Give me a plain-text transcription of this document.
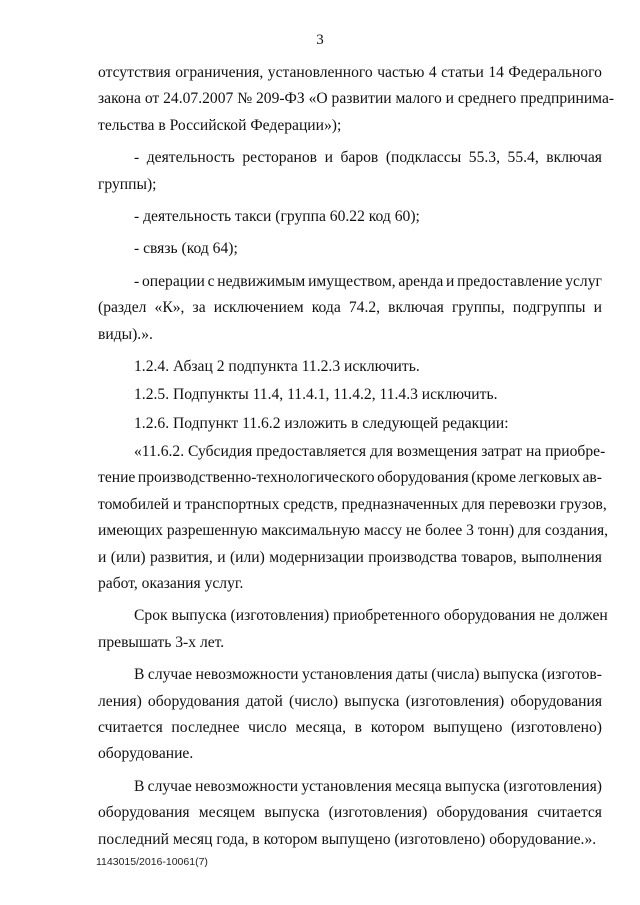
3
отсутствия ограничения, установленного частью 4 статьи 14 Федерального
закона от 24.07.2007 № 209-ФЗ «О развитии малого и среднего предпринима-
тельства в Российской Федерации»);
- деятельность ресторанов и баров (подклассы 55.3, 55.4, включая
группы);
- деятельность такси (группа 60.22 код 60);
- связь (код 64);
- операции с недвижимым имуществом, аренда и предоставление услуг
(раздел «К», за исключением кода 74.2, включая группы, подгруппы и
виды).».
1.2.4. Абзац 2 подпункта 11.2.3 исключить.
1.2.5. Подпункты 11.4, 11.4.1, 11.4.2, 11.4.3 исключить.
1.2.6. Подпункт 11.6.2 изложить в следующей редакции:
«11.6.2. Субсидия предоставляется для возмещения затрат на приобре-
тение производственно-технологического оборудования (кроме легковых ав-
томобилей и транспортных средств, предназначенных для перевозки грузов,
имеющих разрешенную максимальную массу не более 3 тонн) для создания,
и (или) развития, и (или) модернизации производства товаров, выполнения
работ, оказания услуг.
Срок выпуска (изготовления) приобретенного оборудования не должен
превышать 3-х лет.
В случае невозможности установления даты (числа) выпуска (изготов-
ления) оборудования датой (число) выпуска (изготовления) оборудования
считается последнее число месяца, в котором выпущено (изготовлено)
оборудование.
В случае невозможности установления месяца выпуска (изготовления)
оборудования месяцем выпуска (изготовления) оборудования считается
последний месяц года, в котором выпущено (изготовлено) оборудование.».
1143015/2016-10061(7)
